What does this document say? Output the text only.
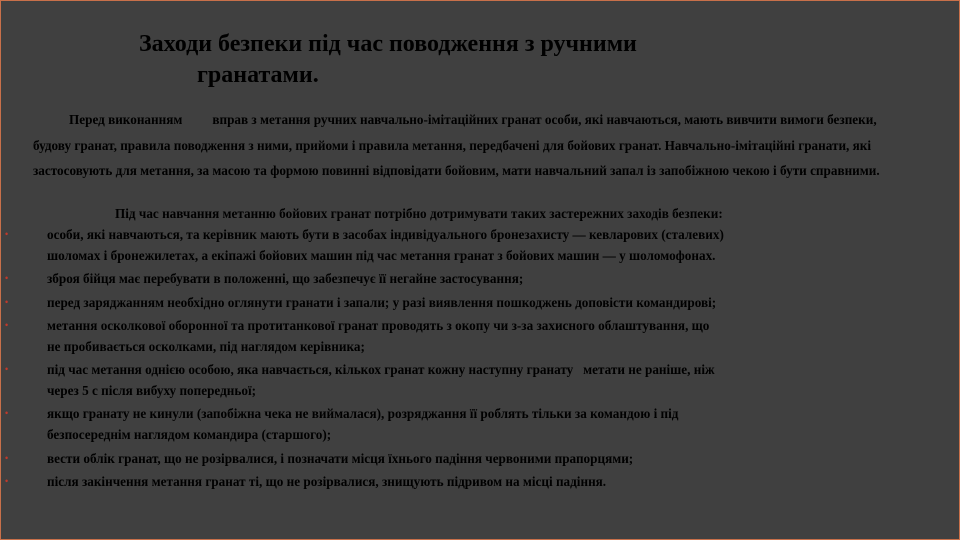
Заходи безпеки під час поводження з ручними
гранатами.

Перед виконанням вправ з метання ручних навчально-імітаційних гранат особи, які навчаються, мають вивчити вимоги безпеки, будову гранат, правила поводження з ними, прийоми і правила метання, передбачені для бойових гранат. Навчально-імітаційні гранати, які застосовують для метання, за масою та формою повинні відповідати бойовим, мати навчальний запал із запобіжною чекою і бути справними.

Під час навчання метанню бойових гранат потрібно дотримувати таких застережних заходів безпеки:

•	особи, які навчаються, та керівник мають бути в засобах індивідуального бронезахисту — кевларових (сталевих)
шоломах і бронежилетах, а екіпажі бойових машин під час метання гранат з бойових машин — у шоломофонах.
•	зброя бійця має перебувати в положенні, що забезпечує її негайне застосування;
•	перед заряджанням необхідно оглянути гранати і запали; у разі виявлення пошкоджень доповісти командирові;
•	метання осколкової оборонної та протитанкової гранат проводять з окопу чи з-за захисного облаштування, що
не пробивається осколками, під наглядом керівника;
•	під час метання однією особою, яка навчається, кількох гранат кожну наступну гранату   метати не раніше, ніж
через 5 с після вибуху попередньої;
•	якщо гранату не кинули (запобіжна чека не виймалася), розряджання її роблять тільки за командою і під
безпосереднім наглядом командира (старшого);
•	вести облік гранат, що не розірвалися, і позначати місця їхнього падіння червоними прапорцями;
•	після закінчення метання гранат ті, що не розірвалися, знищують підривом на місці падіння.
